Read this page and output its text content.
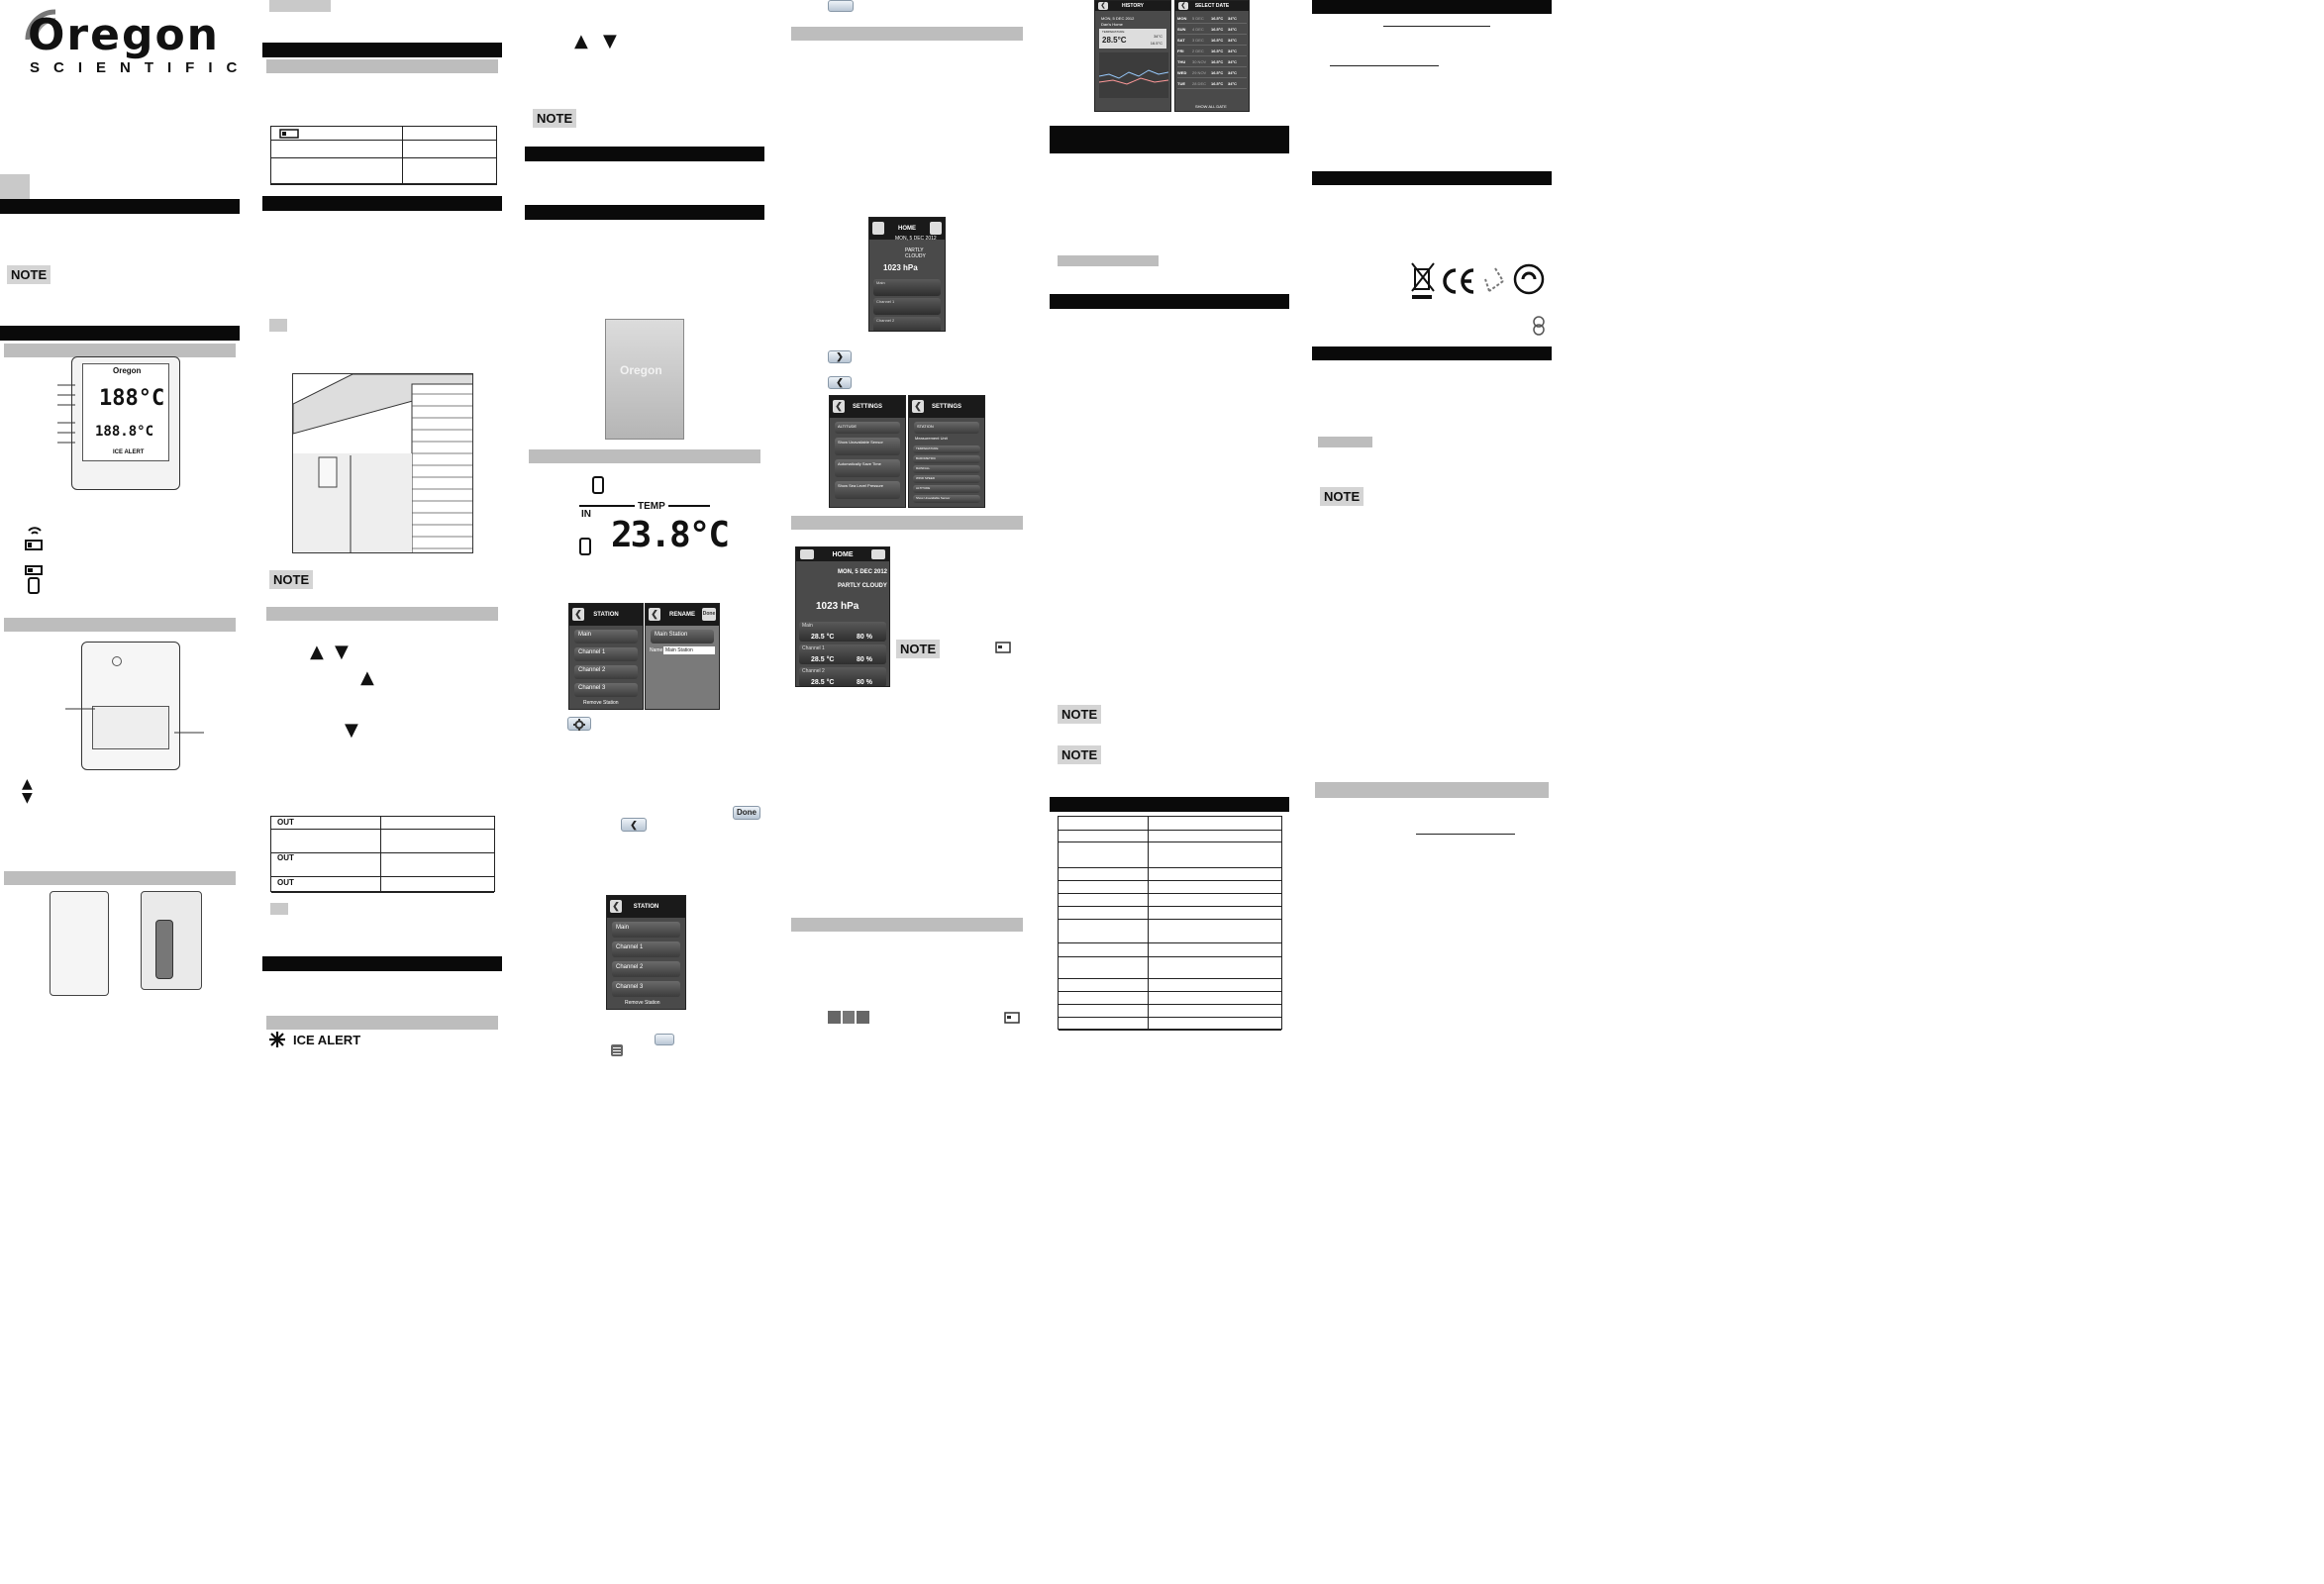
Oregon
SCIENTIFIC
NOTE
Oregon
188°C
188.8°C
ICE ALERT
▲
▼
NOTE
▲ ▼
▲
▼
OUT
OUT
OUT
ICE ALERT
▲ ▼
NOTE
Oregon
TEMP
IN
23.8°C
❮	STATION
Main
Channel 1
Channel 2
Channel 3
Remove Station
❮	RENAME Done
Main Station
Name Main Station
Done
❮
❮	STATION
Main
Channel 1
Channel 2
Channel 3
Remove Station
HOME
MON, 5 DEC 2012
PARTLY CLOUDY
1023 hPa
Main
Channel 1
Channel 2
❯
❮
❮	SETTINGS
ALTITUDE
Show Unavailable Sensor
Automatically Save Time
Show Sea Level Pressure
❮	SETTINGS
STATION
Measurement Unit
TEMPERATURE
BAROMETRIC
RAINFALL
WIND SPEED
ALTITUDE
Show Unavailable Sensor
HOME
MON, 5 DEC 2012
PARTLY CLOUDY
1023 hPa
Main
28.5 °C	80 %
Channel 1
28.5 °C	80 %
Channel 2
28.5 °C	80 %
NOTE
❮	HISTORY
MON, 5 DEC 2012
Dan's Home
TEMPERATURE
28.5°C	34°C
16.5°C
❮	SELECT DATE
MON	5 DEC	16.5°C	34°C
SUN	4 DEC	16.5°C	34°C
SAT	3 DEC	16.5°C	34°C
FRI	2 DEC	16.5°C	34°C
THU	30 NOV	16.5°C	34°C
WED	29 NOV	16.5°C	34°C
TUE	28 DEC	16.5°C	34°C
SHOW ALL DATE
NOTE
NOTE
NOTE
